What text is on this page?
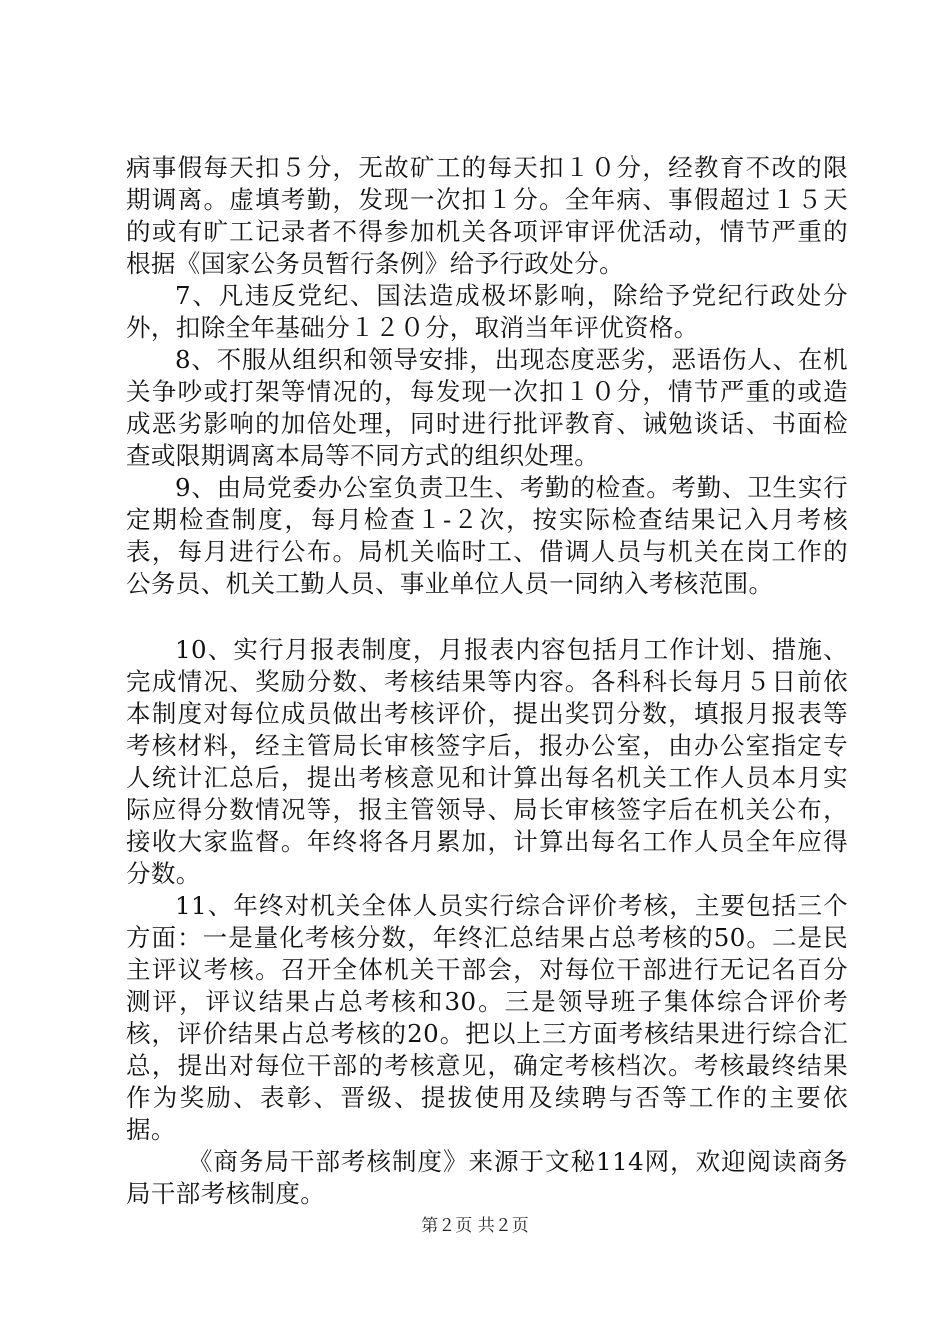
病事假每天扣５分，无故矿工的每天扣１０分，经教育不改的限期调离。虚填考勤，发现一次扣１分。全年病、事假超过１５天的或有旷工记录者不得参加机关各项评审评优活动，情节严重的根据《国家公务员暂行条例》给予行政处分。

7、凡违反党纪、国法造成极坏影响，除给予党纪行政处分外，扣除全年基础分１２０分，取消当年评优资格。

8、不服从组织和领导安排，出现态度恶劣，恶语伤人、在机关争吵或打架等情况的，每发现一次扣１０分，情节严重的或造成恶劣影响的加倍处理，同时进行批评教育、诫勉谈话、书面检查或限期调离本局等不同方式的组织处理。

9、由局党委办公室负责卫生、考勤的检查。考勤、卫生实行定期检查制度，每月检查１-２次，按实际检查结果记入月考核表，每月进行公布。局机关临时工、借调人员与机关在岗工作的公务员、机关工勤人员、事业单位人员一同纳入考核范围。

10、实行月报表制度，月报表内容包括月工作计划、措施、完成情况、奖励分数、考核结果等内容。各科科长每月５日前依本制度对每位成员做出考核评价，提出奖罚分数，填报月报表等考核材料，经主管局长审核签字后，报办公室，由办公室指定专人统计汇总后，提出考核意见和计算出每名机关工作人员本月实际应得分数情况等，报主管领导、局长审核签字后在机关公布，接收大家监督。年终将各月累加，计算出每名工作人员全年应得分数。

11、年终对机关全体人员实行综合评价考核，主要包括三个方面：一是量化考核分数，年终汇总结果占总考核的50。二是民主评议考核。召开全体机关干部会，对每位干部进行无记名百分测评，评议结果占总考核和30。三是领导班子集体综合评价考核，评价结果占总考核的20。把以上三方面考核结果进行综合汇总，提出对每位干部的考核意见，确定考核档次。考核最终结果作为奖励、表彰、晋级、提拔使用及续聘与否等工作的主要依据。

《商务局干部考核制度》来源于文秘114网，欢迎阅读商务局干部考核制度。

第２页 共２页
